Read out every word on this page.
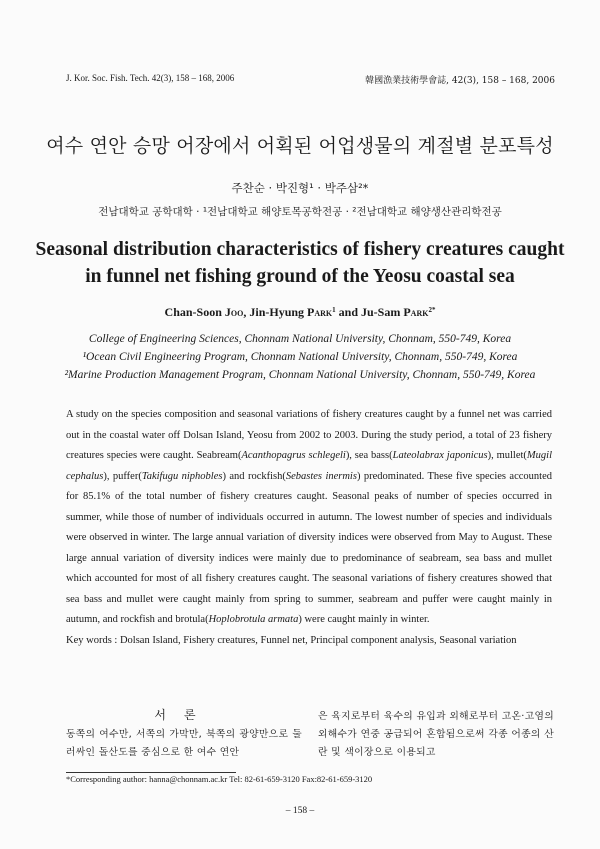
J. Kor. Soc. Fish. Tech. 42(3), 158 – 168, 2006	韓國漁業技術學會誌, 42(3), 158 – 168, 2006
여수 연안 승망 어장에서 어획된 어업생물의 계절별 분포특성
주찬순 · 박진형¹ · 박주삼²*
전남대학교 공학대학 · ¹전남대학교 해양토목공학전공 · ²전남대학교 해양생산관리학전공
Seasonal distribution characteristics of fishery creatures caught
in funnel net fishing ground of the Yeosu coastal sea
Chan-Soon Joo, Jin-Hyung Park$^1$ and Ju-Sam Park$^{2*}$
College of Engineering Sciences, Chonnam National University, Chonnam, 550-749, Korea
¹Ocean Civil Engineering Program, Chonnam National University, Chonnam, 550-749, Korea
²Marine Production Management Program, Chonnam National University, Chonnam, 550-749, Korea
A study on the species composition and seasonal variations of fishery creatures caught by a funnel net was carried out in the coastal water off Dolsan Island, Yeosu from 2002 to 2003. During the study period, a total of 23 fishery creatures species were caught. Seabream(Acanthopagrus schlegeli), sea bass(Lateolabrax japonicus), mullet(Mugil cephalus), puffer(Takifugu niphobles) and rockfish(Sebastes inermis) predominated. These five species accounted for 85.1% of the total number of fishery creatures caught. Seasonal peaks of number of species occurred in summer, while those of number of individuals occurred in autumn. The lowest number of species and individuals were observed in winter. The large annual variation of diversity indices were observed from May to August. These large annual variation of diversity indices were mainly due to predominance of seabream, sea bass and mullet which accounted for most of all fishery creatures caught. The seasonal variations of fishery creatures showed that sea bass and mullet were caught mainly from spring to summer, seabream and puffer were caught mainly in autumn, and rockfish and brotula(Hoplobrotula armata) were caught mainly in winter.
Key words : Dolsan Island, Fishery creatures, Funnel net, Principal component analysis, Seasonal variation
서론
동쪽의 여수만, 서쪽의 가막만, 북쪽의 광양만으로 둘러싸인 돌산도를 중심으로 한 여수 연안
은 육지로부터 육수의 유입과 외해로부터 고온·고염의 외해수가 연중 공급되어 혼합됨으로써 각종 어종의 산란 및 색이장으로 이용되고
*Corresponding author: hanna@chonnam.ac.kr Tel: 82-61-659-3120 Fax:82-61-659-3120
– 158 –
